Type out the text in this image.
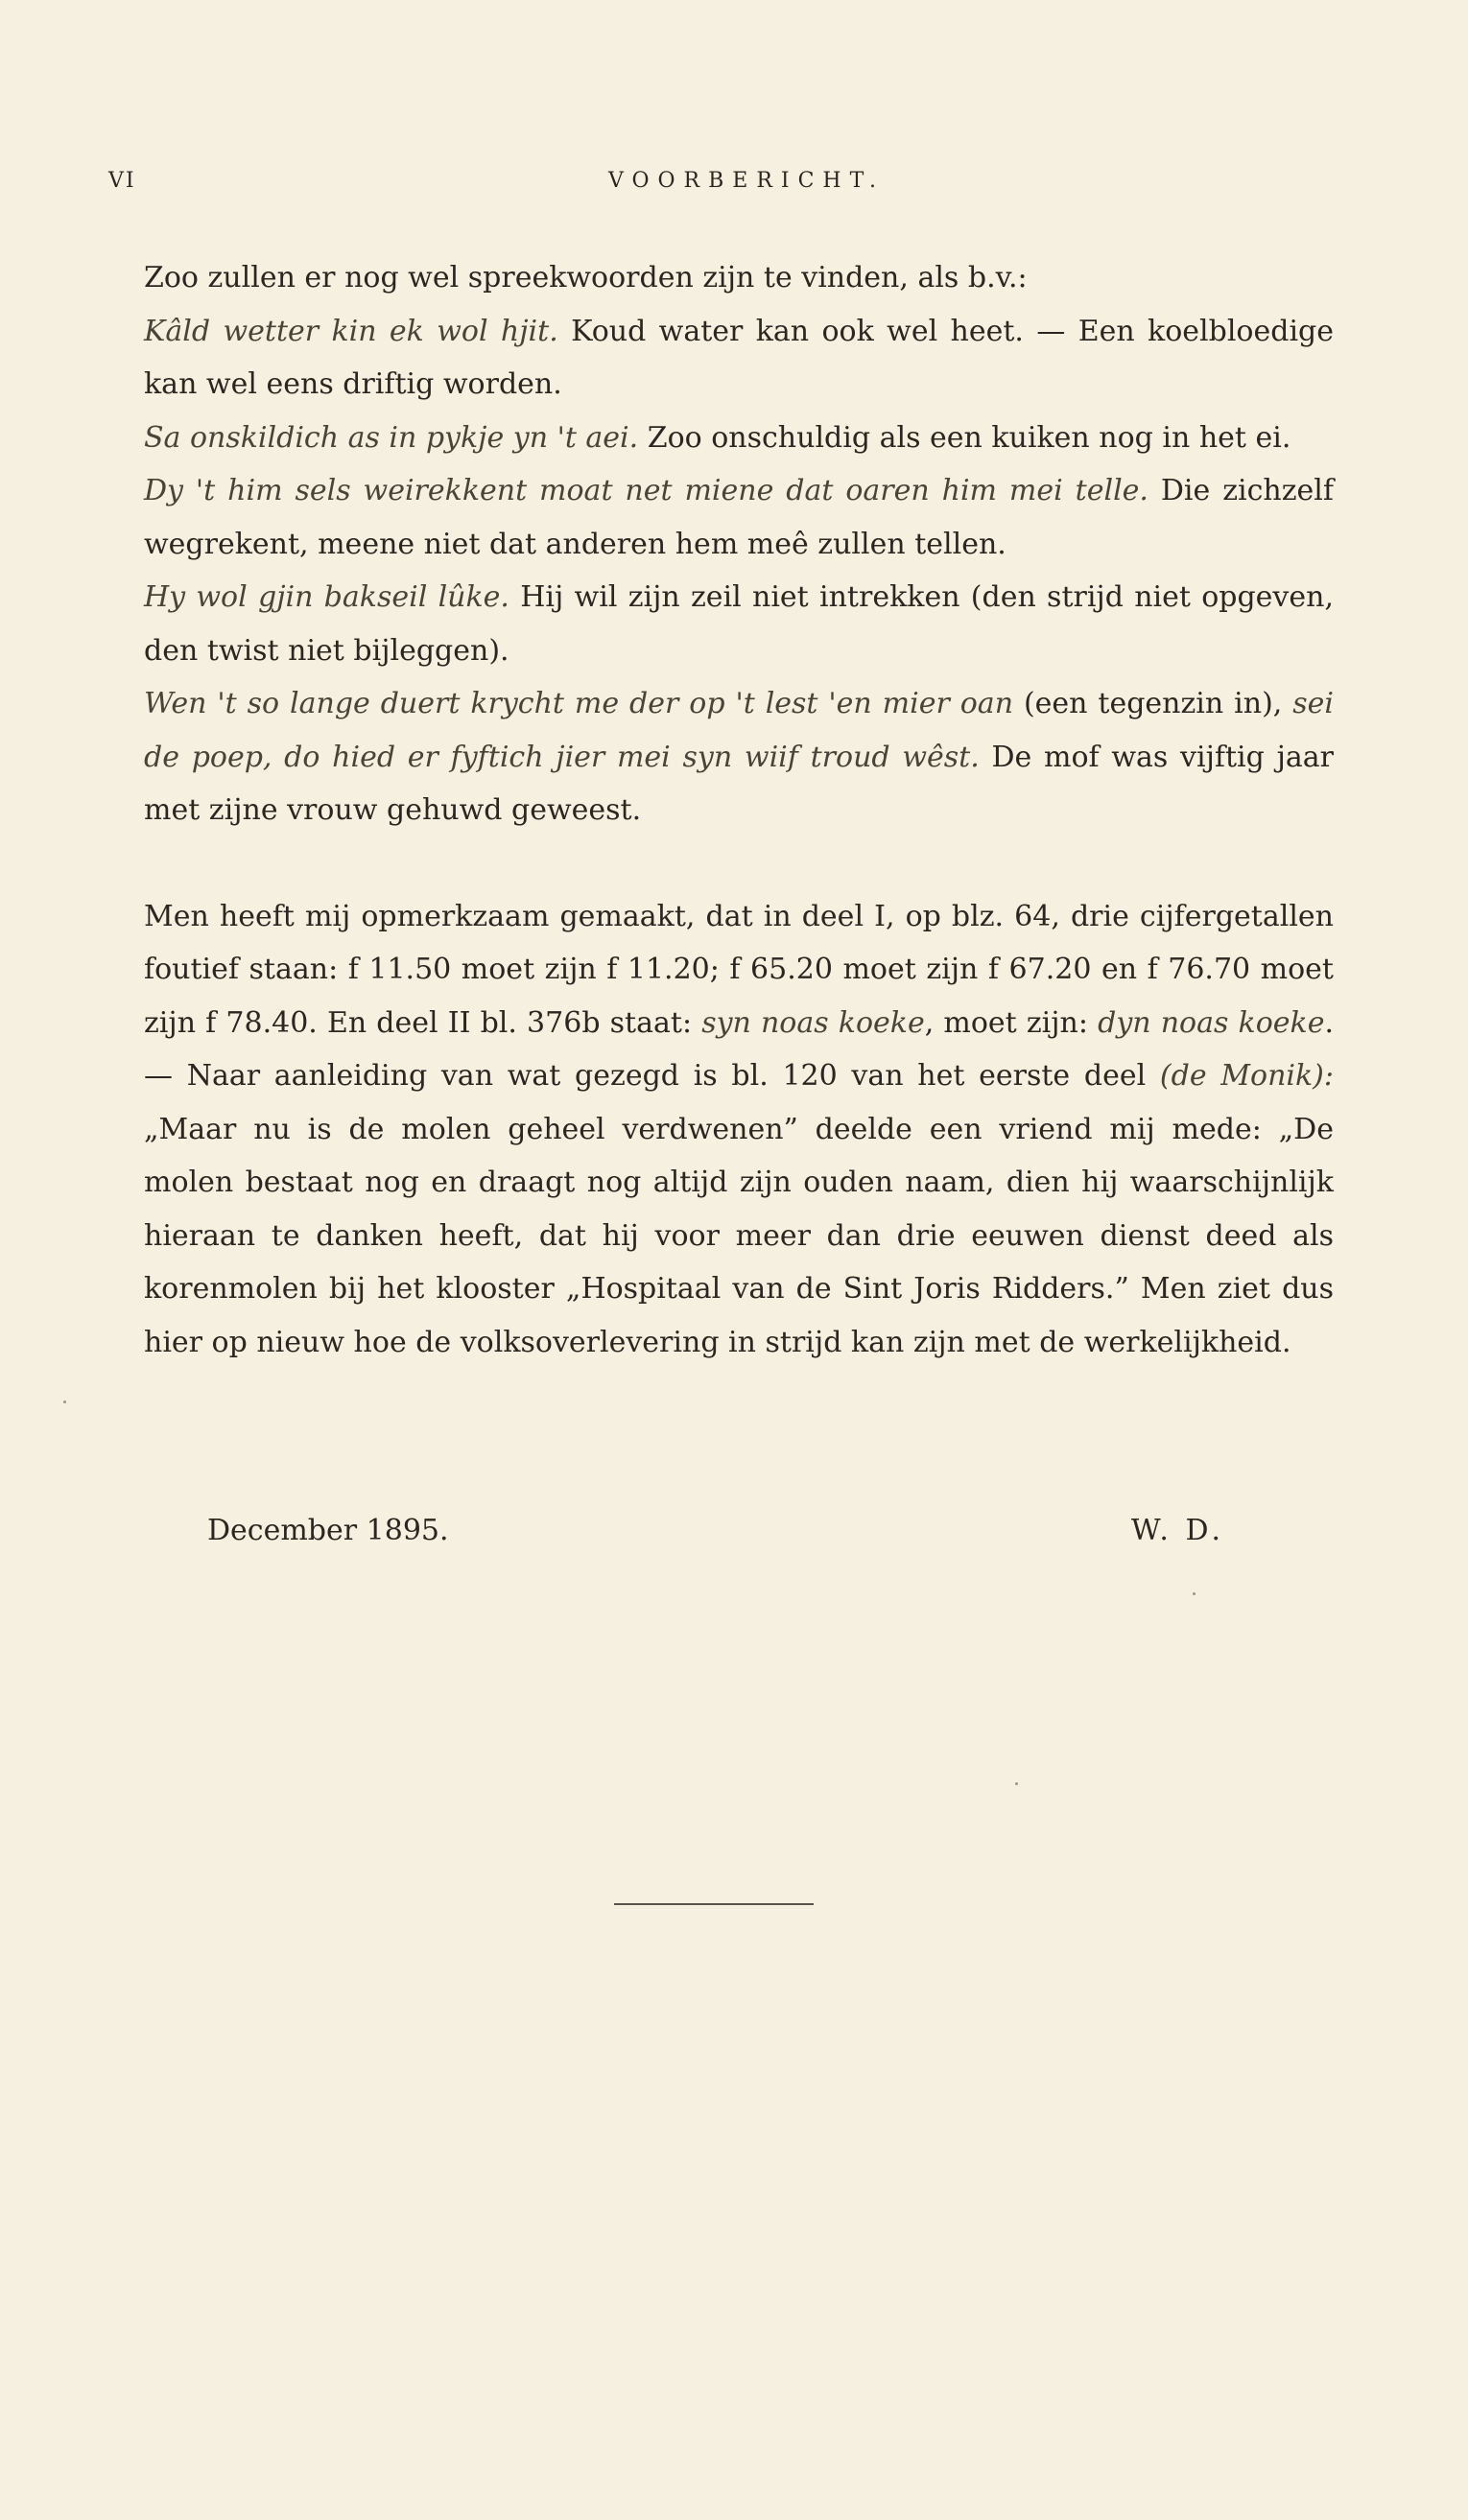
VI	VOORBERICHT.

Zoo zullen er nog wel spreekwoorden zijn te vinden, als b.v.:

Kâld wetter kin ek wol hjit. Koud water kan ook wel heet. — Een koelbloedige kan wel eens driftig worden.

Sa onskildich as in pykje yn 't aei. Zoo onschuldig als een kuiken nog in het ei.

Dy 't him sels weirekkent moat net miene dat oaren him mei telle. Die zichzelf wegrekent, meene niet dat anderen hem meê zullen tellen.

Hy wol gjin bakseil lûke. Hij wil zijn zeil niet intrekken (den strijd niet opgeven, den twist niet bijleggen).

Wen 't so lange duert krycht me der op 't lest 'en mier oan (een tegenzin in), sei de poep, do hied er fyftich jier mei syn wiif troud wêst. De mof was vijftig jaar met zijne vrouw gehuwd geweest.

Men heeft mij opmerkzaam gemaakt, dat in deel I, op blz. 64, drie cijfergetallen foutief staan: f 11.50 moet zijn f 11.20; f 65.20 moet zijn f 67.20 en f 76.70 moet zijn f 78.40. En deel II bl. 376b staat: syn noas koeke, moet zijn: dyn noas koeke. — Naar aanleiding van wat gezegd is bl. 120 van het eerste deel (de Monik): „Maar nu is de molen geheel verdwenen” deelde een vriend mij mede: „De molen bestaat nog en draagt nog altijd zijn ouden naam, dien hij waarschijnlijk hieraan te danken heeft, dat hij voor meer dan drie eeuwen dienst deed als korenmolen bij het klooster „Hospitaal van de Sint Joris Ridders.” Men ziet dus hier op nieuw hoe de volksoverlevering in strijd kan zijn met de werkelijkheid.

December 1895.	W. D.
